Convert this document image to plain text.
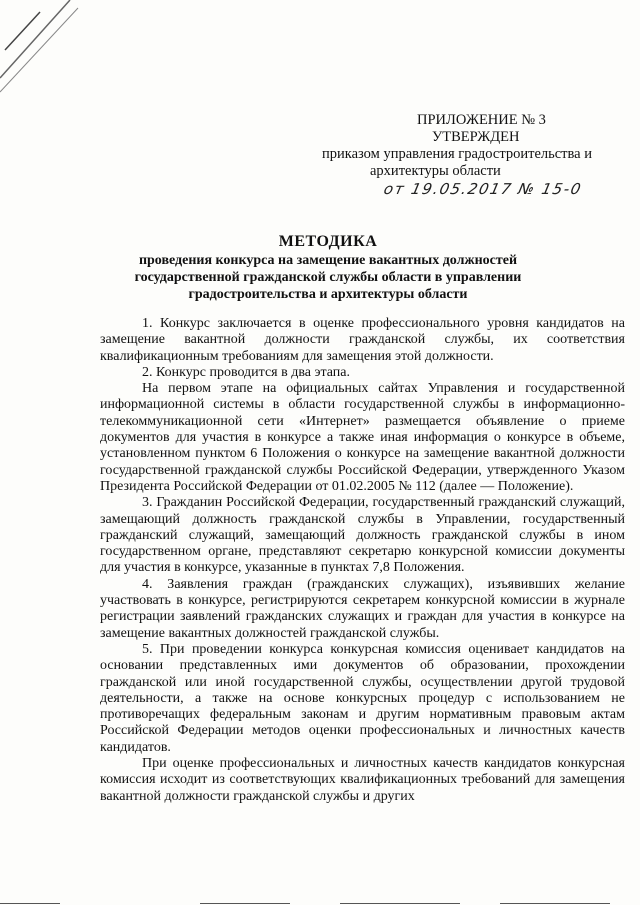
ПРИЛОЖЕНИЕ № 3
УТВЕРЖДЕН
приказом управления градостроительства и
архитектуры области
от 19.05.2017 № 15-0
МЕТОДИКА
проведения конкурса на замещение вакантных должностей государственной гражданской службы области в управлении градостроительства и архитектуры области

1. Конкурс заключается в оценке профессионального уровня кандидатов на замещение вакантной должности гражданской службы, их соответствия квалификационным требованиям для замещения этой должности.

2. Конкурс проводится в два этапа.

На первом этапе на официальных сайтах Управления и государственной информационной системы в области государственной службы в информационно-телекоммуникационной сети «Интернет» размещается объявление о приеме документов для участия в конкурсе а также иная информация о конкурсе в объеме, установленном пунктом 6 Положения о конкурсе на замещение вакантной должности государственной гражданской службы Российской Федерации, утвержденного Указом Президента Российской Федерации от 01.02.2005 № 112 (далее — Положение).

3. Гражданин Российской Федерации, государственный гражданский служащий, замещающий должность гражданской службы в Управлении, государственный гражданский служащий, замещающий должность гражданской службы в ином государственном органе, представляют секретарю конкурсной комиссии документы для участия в конкурсе, указанные в пунктах 7,8 Положения.

4. Заявления граждан (гражданских служащих), изъявивших желание участвовать в конкурсе, регистрируются секретарем конкурсной комиссии в журнале регистрации заявлений гражданских служащих и граждан для участия в конкурсе на замещение вакантных должностей гражданской службы.

5. При проведении конкурса конкурсная комиссия оценивает кандидатов на основании представленных ими документов об образовании, прохождении гражданской или иной государственной службы, осуществлении другой трудовой деятельности, а также на основе конкурсных процедур с использованием не противоречащих федеральным законам и другим нормативным правовым актам Российской Федерации методов оценки профессиональных и личностных качеств кандидатов.

При оценке профессиональных и личностных качеств кандидатов конкурсная комиссия исходит из соответствующих квалификационных требований для замещения вакантной должности гражданской службы и других
